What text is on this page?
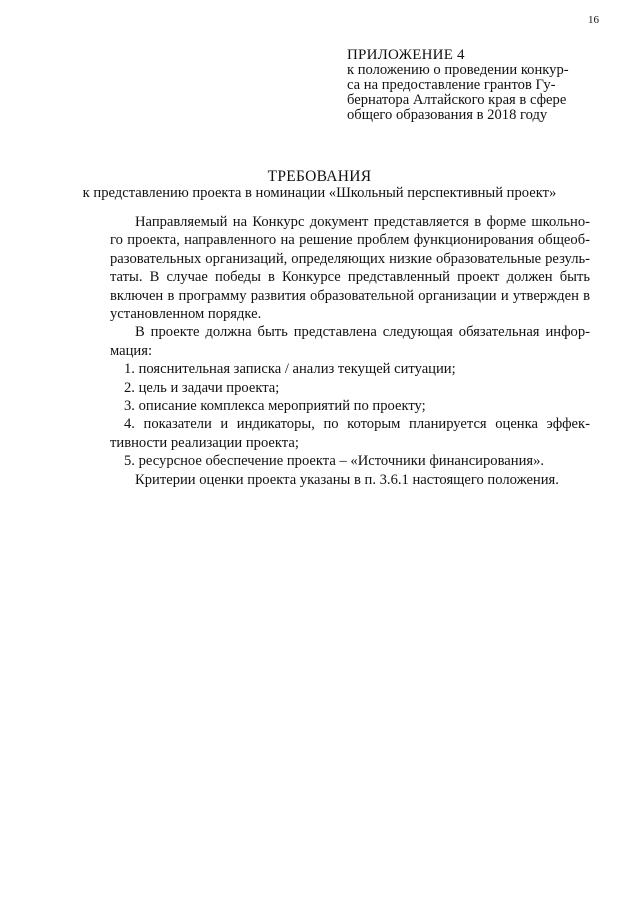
16
ПРИЛОЖЕНИЕ 4
к положению о проведении конкур-
са на предоставление грантов Гу-
бернатора Алтайского края в сфере
общего образования в 2018 году
ТРЕБОВАНИЯ
к представлению проекта в номинации «Школьный перспективный проект»
Направляемый на Конкурс документ представляется в форме школьно-
го проекта, направленного на решение проблем функционирования общеоб-
разовательных организаций, определяющих низкие образовательные резуль-
таты. В случае победы в Конкурсе представленный проект должен быть
включен в программу развития образовательной организации и утвержден в
установленном порядке.
В проекте должна быть представлена следующая обязательная инфор-
мация:
1. пояснительная записка / анализ текущей ситуации;
2. цель и задачи проекта;
3. описание комплекса мероприятий по проекту;
4. показатели и индикаторы, по которым планируется оценка эффек-
тивности реализации проекта;
5. ресурсное обеспечение проекта – «Источники финансирования».
Критерии оценки проекта указаны в п. 3.6.1 настоящего положения.
